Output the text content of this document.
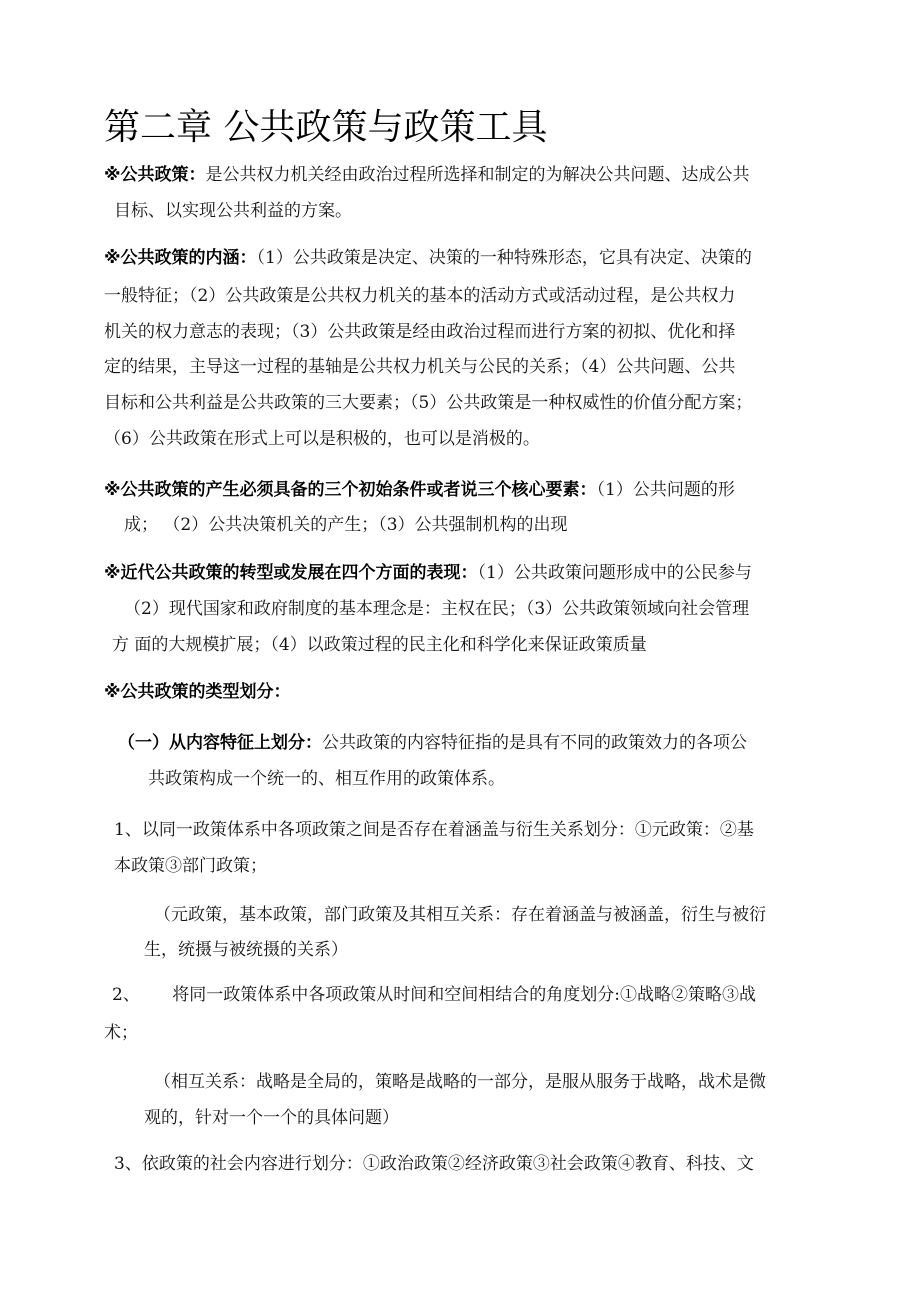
第二章 公共政策与政策工具
※公共政策：是公共权力机关经由政治过程所选择和制定的为解决公共问题、达成公共
目标、以实现公共利益的方案。
※公共政策的内涵：（1）公共政策是决定、决策的一种特殊形态，它具有决定、决策的
一般特征；（2）公共政策是公共权力机关的基本的活动方式或活动过程，是公共权力
机关的权力意志的表现；（3）公共政策是经由政治过程而进行方案的初拟、优化和择
定的结果，主导这一过程的基轴是公共权力机关与公民的关系；（4）公共问题、公共
目标和公共利益是公共政策的三大要素；（5）公共政策是一种权威性的价值分配方案；
（6）公共政策在形式上可以是积极的，也可以是消极的。
※公共政策的产生必须具备的三个初始条件或者说三个核心要素：（1）公共问题的形
成； （2）公共决策机关的产生；（3）公共强制机构的出现
※近代公共政策的转型或发展在四个方面的表现：（1）公共政策问题形成中的公民参与
（2）现代国家和政府制度的基本理念是：主权在民；（3）公共政策领域向社会管理
方 面的大规模扩展；（4）以政策过程的民主化和科学化来保证政策质量
※公共政策的类型划分：
（一）从内容特征上划分：公共政策的内容特征指的是具有不同的政策效力的各项公
共政策构成一个统一的、相互作用的政策体系。
1、以同一政策体系中各项政策之间是否存在着涵盖与衍生关系划分：①元政策：②基
本政策③部门政策；
（元政策，基本政策，部门政策及其相互关系：存在着涵盖与被涵盖，衍生与被衍
生，统摄与被统摄的关系）
2、      将同一政策体系中各项政策从时间和空间相结合的角度划分:①战略②策略③战
术；
（相互关系：战略是全局的，策略是战略的一部分，是服从服务于战略，战术是微
观的，针对一个一个的具体问题）
3、依政策的社会内容进行划分：①政治政策②经济政策③社会政策④教育、科技、文
